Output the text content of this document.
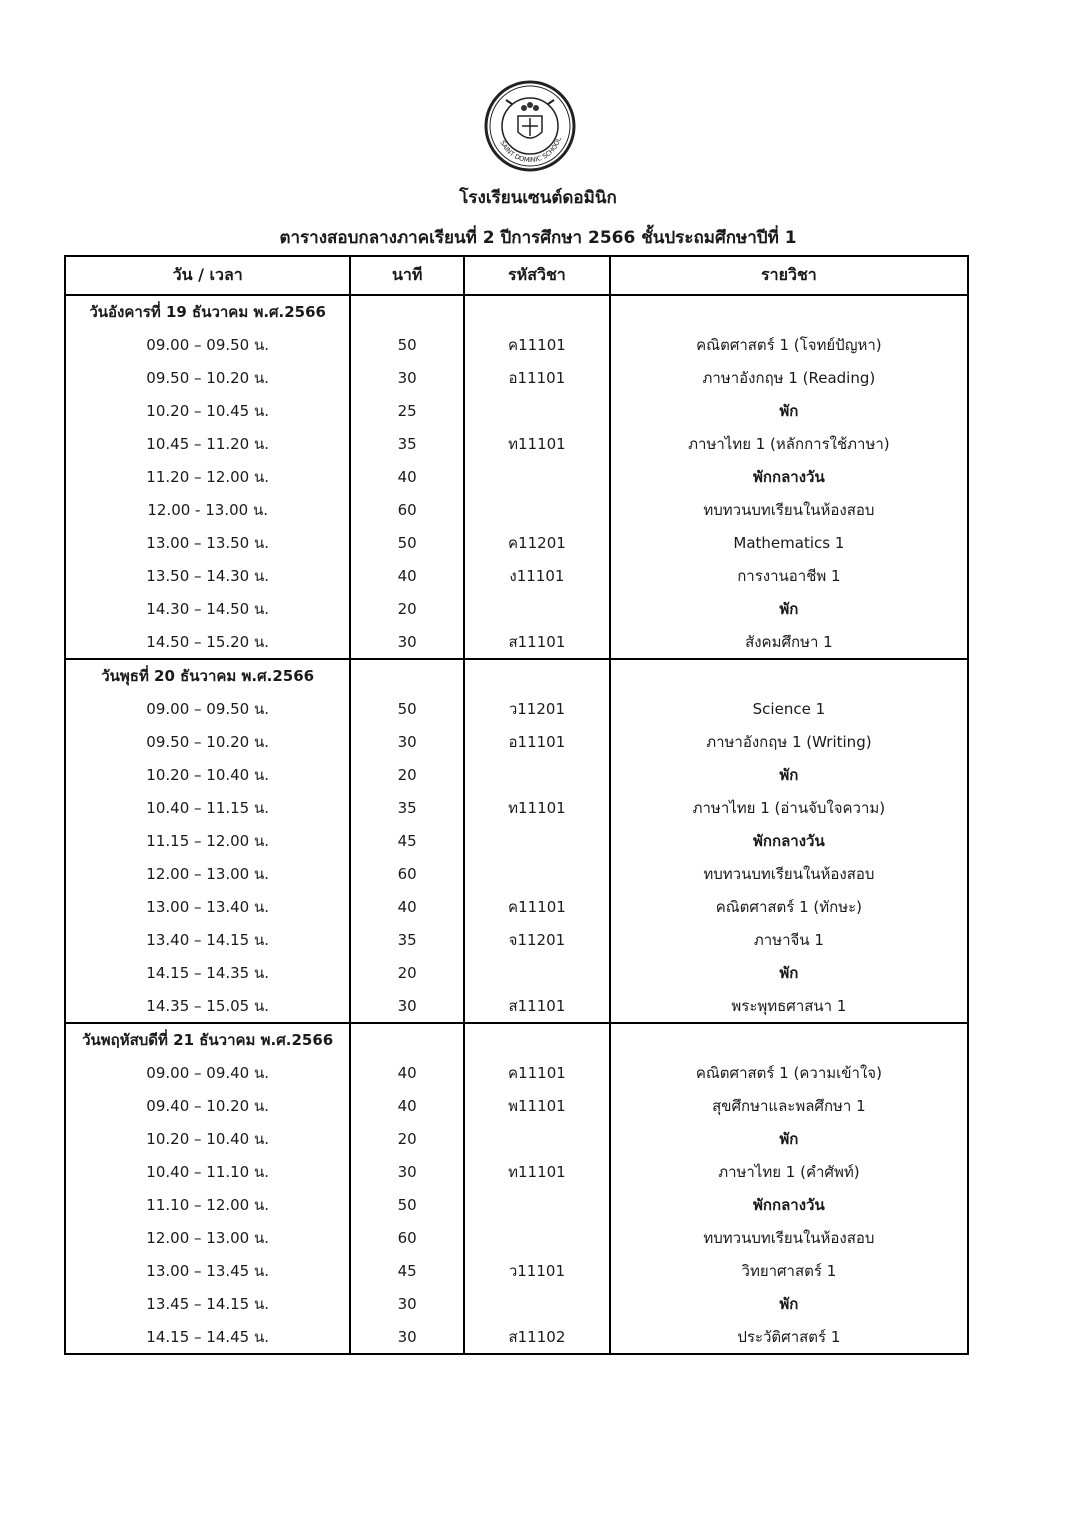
SAINT DOMINIC SCHOOL
โรงเรียนเซนต์ดอมินิก
ตารางสอบกลางภาคเรียนที่ 2 ปีการศึกษา 2566 ชั้นประถมศึกษาปีที่ 1
วัน / เวลา	นาที	รหัสวิชา	รายวิชา
วันอังคารที่ 19 ธันวาคม พ.ศ.2566			
09.00 – 09.50 น.	50	ค11101	คณิตศาสตร์ 1 (โจทย์ปัญหา)
09.50 – 10.20 น.	30	อ11101	ภาษาอังกฤษ 1 (Reading)
10.20 – 10.45 น.	25		พัก
10.45 – 11.20 น.	35	ท11101	ภาษาไทย 1 (หลักการใช้ภาษา)
11.20 – 12.00 น.	40		พักกลางวัน
12.00 - 13.00 น.	60		ทบทวนบทเรียนในห้องสอบ
13.00 – 13.50 น.	50	ค11201	Mathematics 1
13.50 – 14.30 น.	40	ง11101	การงานอาชีพ 1
14.30 – 14.50 น.	20		พัก
14.50 – 15.20 น.	30	ส11101	สังคมศึกษา 1
วันพุธที่ 20 ธันวาคม พ.ศ.2566			
09.00 – 09.50 น.	50	ว11201	Science 1
09.50 – 10.20 น.	30	อ11101	ภาษาอังกฤษ 1 (Writing)
10.20 – 10.40 น.	20		พัก
10.40 – 11.15 น.	35	ท11101	ภาษาไทย 1 (อ่านจับใจความ)
11.15 – 12.00 น.	45		พักกลางวัน
12.00 – 13.00 น.	60		ทบทวนบทเรียนในห้องสอบ
13.00 – 13.40 น.	40	ค11101	คณิตศาสตร์ 1 (ทักษะ)
13.40 – 14.15 น.	35	จ11201	ภาษาจีน 1
14.15 – 14.35 น.	20		พัก
14.35 – 15.05 น.	30	ส11101	พระพุทธศาสนา 1
วันพฤหัสบดีที่ 21 ธันวาคม พ.ศ.2566			
09.00 – 09.40 น.	40	ค11101	คณิตศาสตร์ 1 (ความเข้าใจ)
09.40 – 10.20 น.	40	พ11101	สุขศึกษาและพลศึกษา 1
10.20 – 10.40 น.	20		พัก
10.40 – 11.10 น.	30	ท11101	ภาษาไทย 1 (คำศัพท์)
11.10 – 12.00 น.	50		พักกลางวัน
12.00 – 13.00 น.	60		ทบทวนบทเรียนในห้องสอบ
13.00 – 13.45 น.	45	ว11101	วิทยาศาสตร์ 1
13.45 – 14.15 น.	30		พัก
14.15 – 14.45 น.	30	ส11102	ประวัติศาสตร์ 1
